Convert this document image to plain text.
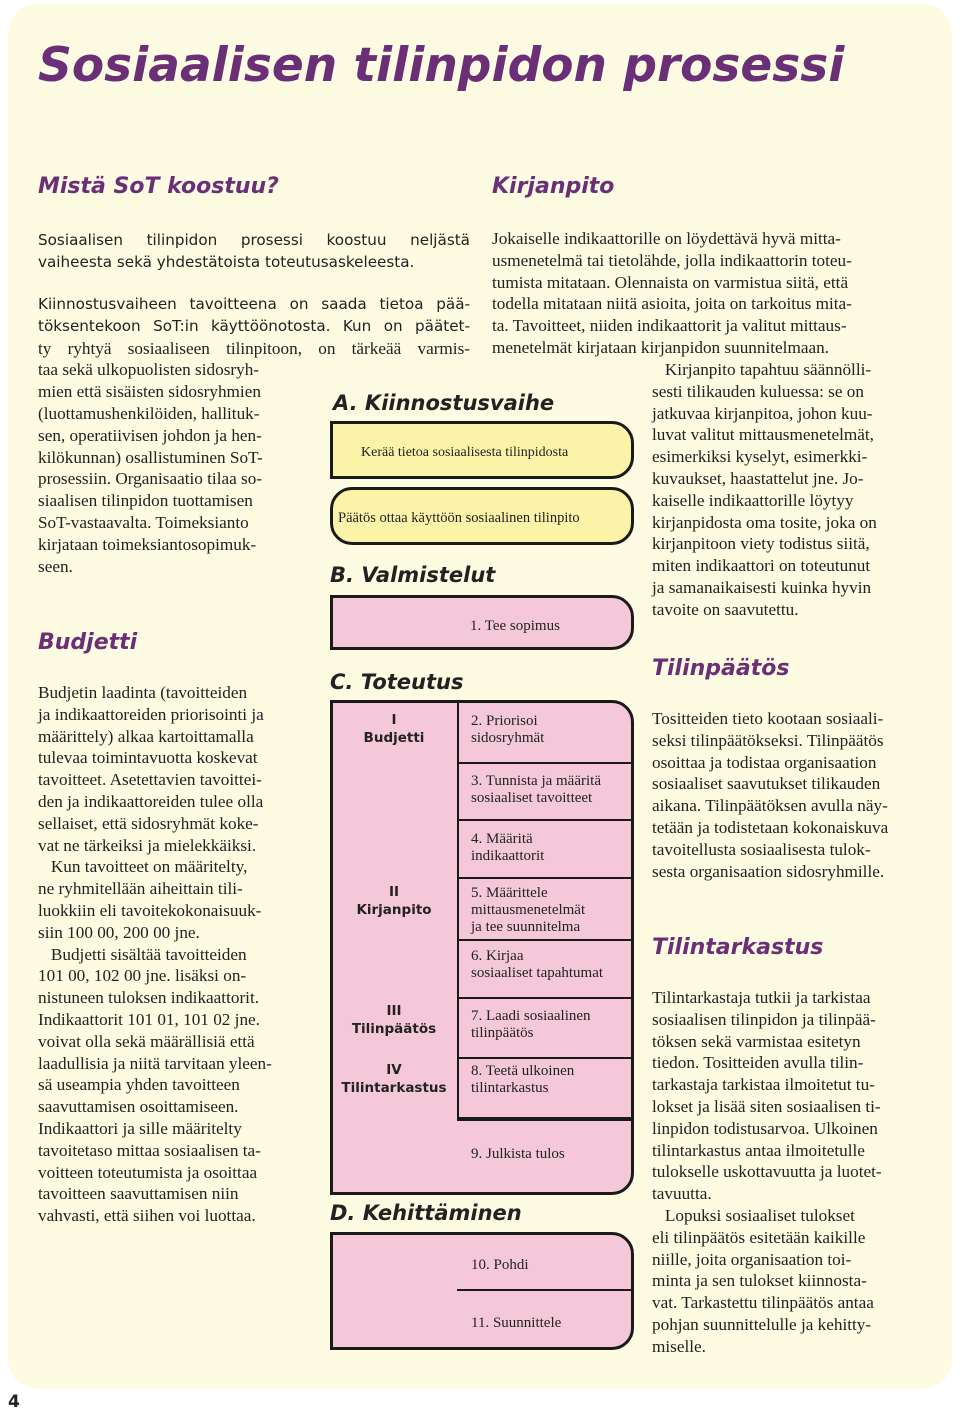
Sosiaalisen tilinpidon prosessi
Mistä SoT koostuu?
Sosiaalisen tilinpidon prosessi koostuu neljästä
vaiheesta sekä yhdestätoista toteutusaskeleesta.
Kiinnostusvaiheen tavoitteena on saada tietoa pää-
töksentekoon SoT:in käyttöönotosta. Kun on päätet-
ty ryhtyä sosiaaliseen tilinpitoon, on tärkeää varmis-
taa sekä ulkopuolisten sidosryh-
mien että sisäisten sidosryhmien
(luottamushenkilöiden, hallituk-
sen, operatiivisen johdon ja hen-
kilökunnan) osallistuminen SoT-
prosessiin. Organisaatio tilaa so-
siaalisen tilinpidon tuottamisen
SoT-vastaavalta. Toimeksianto
kirjataan toimeksiantosopimuk-
seen.
Budjetti
Budjetin laadinta (tavoitteiden
ja indikaattoreiden priorisointi ja
määrittely) alkaa kartoittamalla
tulevaa toimintavuotta koskevat
tavoitteet. Asetettavien tavoittei-
den ja indikaattoreiden tulee olla
sellaiset, että sidosryhmät koke-
vat ne tärkeiksi ja mielekkäiksi.
Kun tavoitteet on määritelty,
ne ryhmitellään aiheittain tili-
luokkiin eli tavoitekokonaisuuk-
siin 100 00, 200 00 jne.
Budjetti sisältää tavoitteiden
101 00, 102 00 jne. lisäksi on-
nistuneen tuloksen indikaattorit.
Indikaattorit 101 01, 101 02 jne.
voivat olla sekä määrällisiä että
laadullisia ja niitä tarvitaan yleen-
sä useampia yhden tavoitteen
saavuttamisen osoittamiseen.
Indikaattori ja sille määritelty
tavoitetaso mittaa sosiaalisen ta-
voitteen toteutumista ja osoittaa
tavoitteen saavuttamisen niin
vahvasti, että siihen voi luottaa.
Kirjanpito
Jokaiselle indikaattorille on löydettävä hyvä mitta-
usmenetelmä tai tietolähde, jolla indikaattorin toteu-
tumista mitataan. Olennaista on varmistua siitä, että
todella mitataan niitä asioita, joita on tarkoitus mita-
ta. Tavoitteet, niiden indikaattorit ja valitut mittaus-
menetelmät kirjataan kirjanpidon suunnitelmaan.
Kirjanpito tapahtuu säännölli-
sesti tilikauden kuluessa: se on
jatkuvaa kirjanpitoa, johon kuu-
luvat valitut mittausmenetelmät,
esimerkiksi kyselyt, esimerkki-
kuvaukset, haastattelut jne. Jo-
kaiselle indikaattorille löytyy
kirjanpidosta oma tosite, joka on
kirjanpitoon viety todistus siitä,
miten indikaattori on toteutunut
ja samanaikaisesti kuinka hyvin
tavoite on saavutettu.
Tilinpäätös
Tositteiden tieto kootaan sosiaali-
seksi tilinpäätökseksi. Tilinpäätös
osoittaa ja todistaa organisaation
sosiaaliset saavutukset tilikauden
aikana. Tilinpäätöksen avulla näy-
tetään ja todistetaan kokonaiskuva
tavoitellusta sosiaalisesta tulok-
sesta organisaation sidosryhmille.
Tilintarkastus
Tilintarkastaja tutkii ja tarkistaa
sosiaalisen tilinpidon ja tilinpää-
töksen sekä varmistaa esitetyn
tiedon. Tositteiden avulla tilin-
tarkastaja tarkistaa ilmoitetut tu-
lokset ja lisää siten sosiaalisen ti-
linpidon todistusarvoa. Ulkoinen
tilintarkastus antaa ilmoitetulle
tulokselle uskottavuutta ja luotet-
tavuutta.
Lopuksi sosiaaliset tulokset
eli tilinpäätös esitetään kaikille
niille, joita organisaation toi-
minta ja sen tulokset kiinnosta-
vat. Tarkastettu tilinpäätös antaa
pohjan suunnittelulle ja kehitty-
miselle.
A. Kiinnostusvaihe
Kerää tietoa sosiaalisesta tilinpidosta
Päätös ottaa käyttöön sosiaalinen tilinpito
B. Valmistelut
1. Tee sopimus
C. Toteutus
I
Budjetti
II
Kirjanpito
III
Tilinpäätös
IV
Tilintarkastus
2. Priorisoi
sidosryhmät
3. Tunnista ja määritä
sosiaaliset tavoitteet
4. Määritä
indikaattorit
5. Määrittele
mittausmenetelmät
ja tee suunnitelma
6. Kirjaa
sosiaaliset tapahtumat
7. Laadi sosiaalinen
tilinpäätös
8. Teetä ulkoinen
tilintarkastus
9. Julkista tulos
D. Kehittäminen
10. Pohdi
11. Suunnittele
4
